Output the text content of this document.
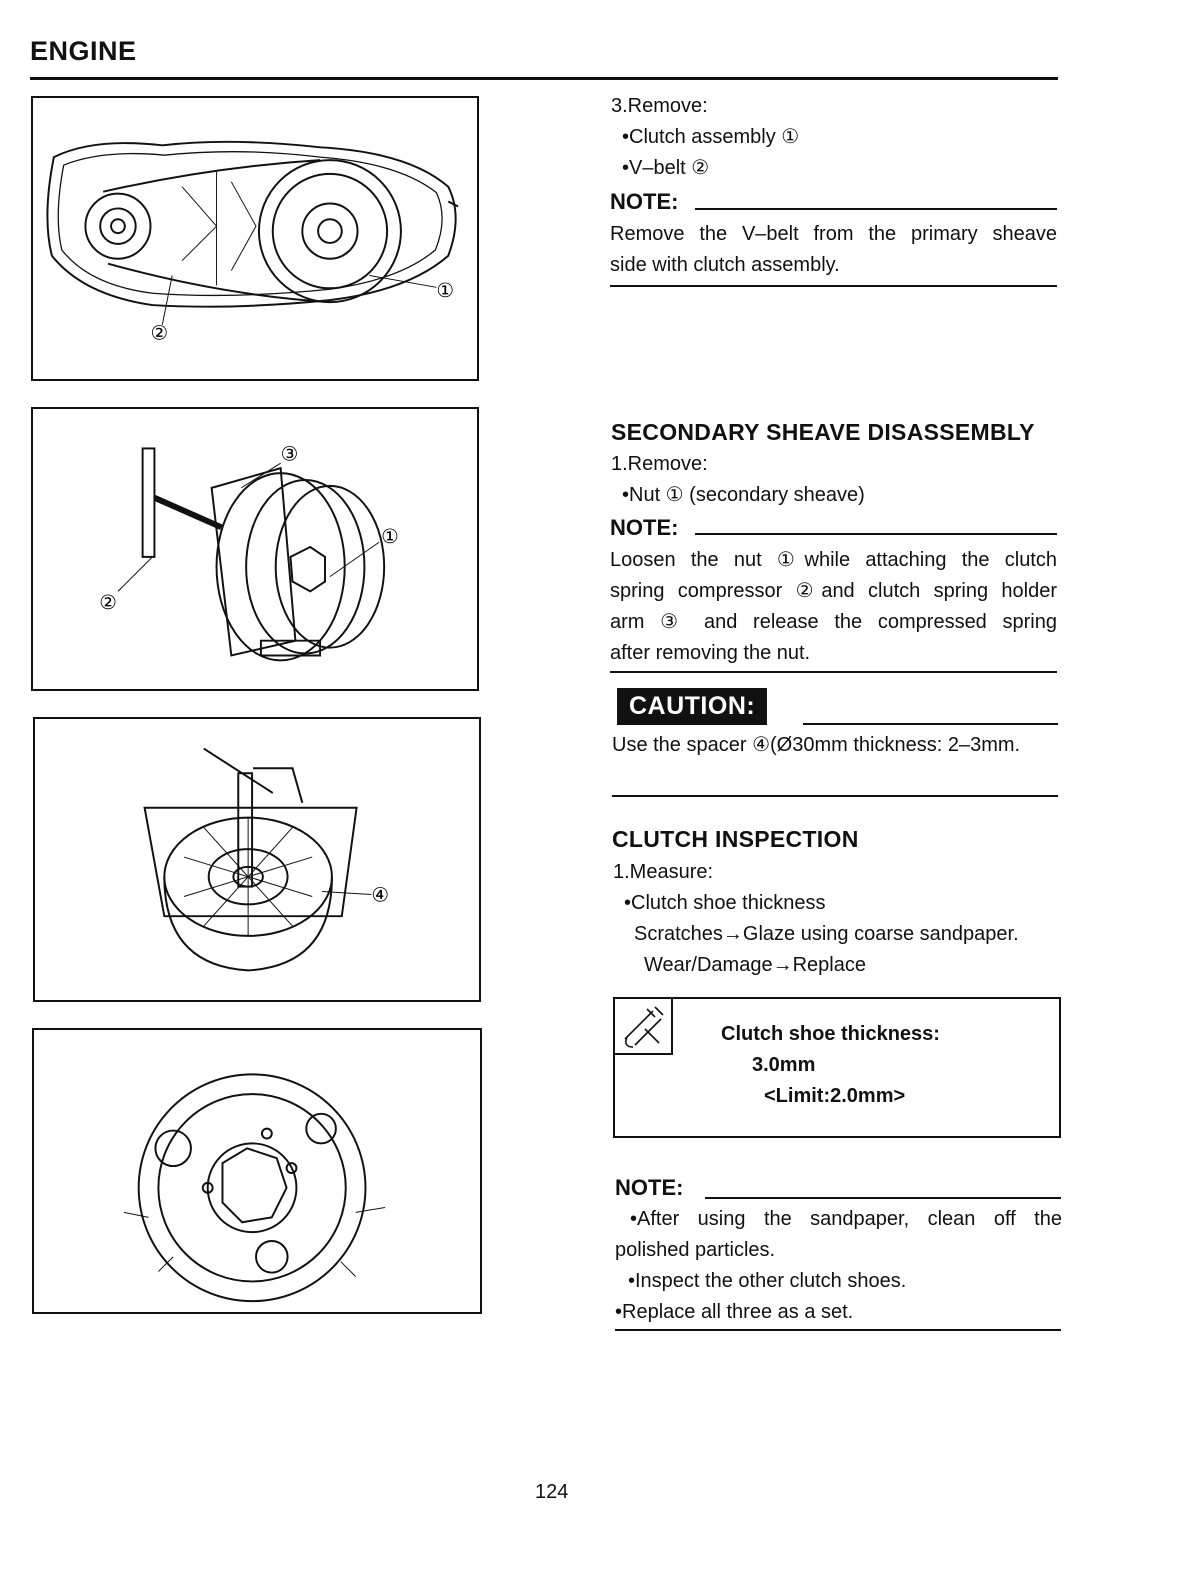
ENGINE
①
②
③
①
②
④
3.Remove:
•Clutch assembly ①
•V–belt ②
NOTE:
Remove the V–belt from the primary sheave
side with clutch assembly.
SECONDARY SHEAVE DISASSEMBLY
1.Remove:
•Nut ① (secondary sheave)
NOTE:
Loosen the nut ①while attaching the clutch
spring compressor ②and clutch spring holder
arm ③ and release the compressed spring
after removing the nut.
CAUTION:
Use the spacer ④(Ø30mm thickness: 2–3mm.
CLUTCH INSPECTION
1.Measure:
•Clutch shoe thickness
Scratches→Glaze using coarse sandpaper.
Wear/Damage→Replace
Clutch shoe thickness:
3.0mm
<Limit:2.0mm>
NOTE:
•After using the sandpaper, clean off the
polished particles.
•Inspect the other clutch shoes.
•Replace all three as a set.
124
